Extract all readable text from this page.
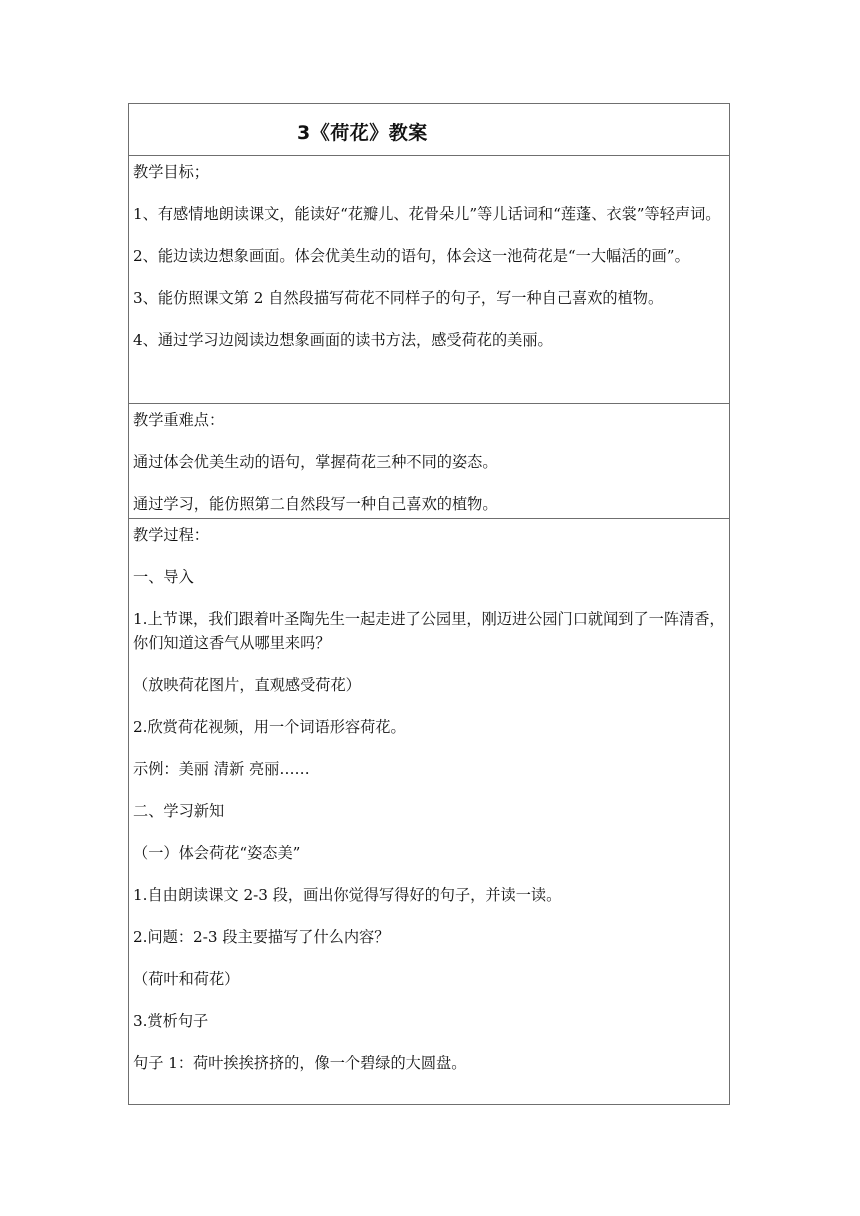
3《荷花》教案

教学目标；

1、有感情地朗读课文，能读好“花瓣儿、花骨朵儿”等儿话词和“莲蓬、衣裳”等轻声词。

2、能边读边想象画面。体会优美生动的语句，体会这一池荷花是“一大幅活的画”。

3、能仿照课文第 2 自然段描写荷花不同样子的句子，写一种自己喜欢的植物。

4、通过学习边阅读边想象画面的读书方法，感受荷花的美丽。

教学重难点：

通过体会优美生动的语句，掌握荷花三种不同的姿态。

通过学习，能仿照第二自然段写一种自己喜欢的植物。

教学过程：

一、导入

1.上节课，我们跟着叶圣陶先生一起走进了公园里，刚迈进公园门口就闻到了一阵清香，你们知道这香气从哪里来吗？

（放映荷花图片，直观感受荷花）

2.欣赏荷花视频，用一个词语形容荷花。

示例：美丽 清新 亮丽……

二、学习新知

（一）体会荷花“姿态美”

1.自由朗读课文 2-3 段，画出你觉得写得好的句子，并读一读。

2.问题：2-3 段主要描写了什么内容？

（荷叶和荷花）

3.赏析句子

句子 1：荷叶挨挨挤挤的，像一个碧绿的大圆盘。
